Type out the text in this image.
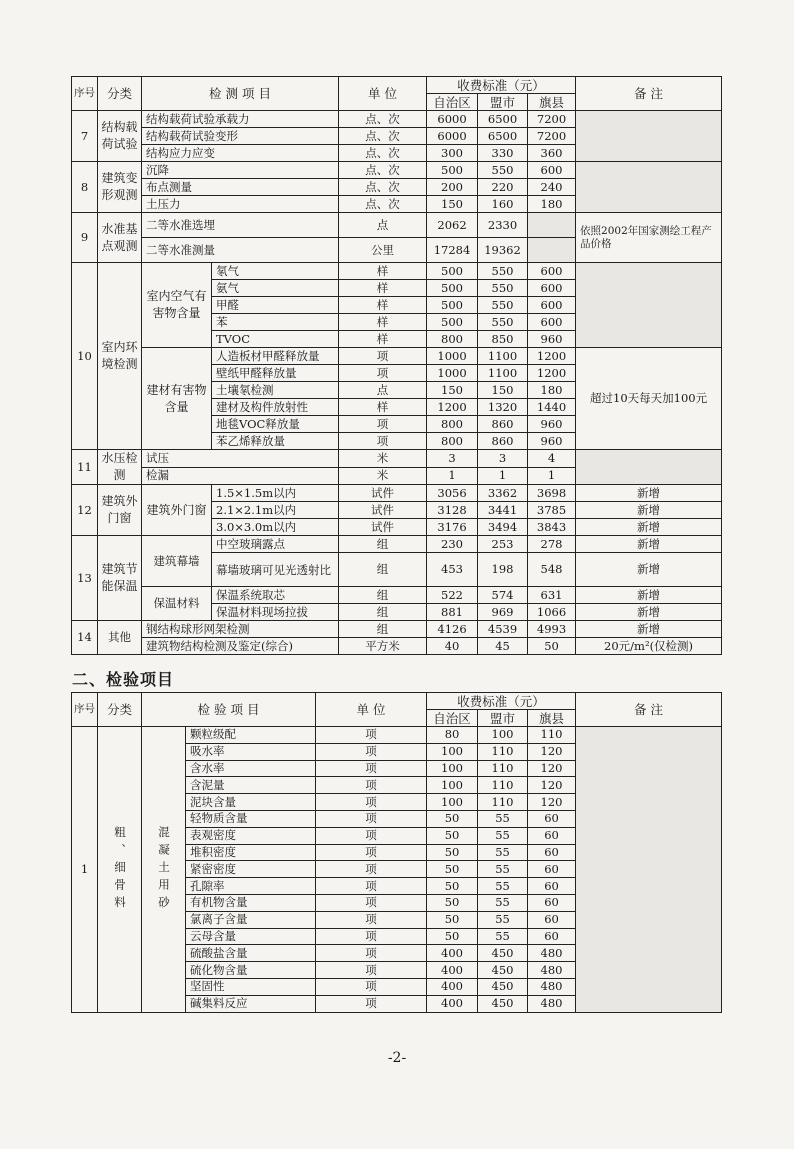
序号	分类	检 测 项 目		单 位	收费标准（元）			备 注
					自治区	盟市	旗县	
7	结构载荷试验	结构载荷试验承载力		点、次	6000	6500	7200	
		结构载荷试验变形		点、次	6000	6500	7200	
		结构应力应变		点、次	300	330	360	
8	建筑变形观测	沉降		点、次	500	550	600	
		布点测量		点、次	200	220	240	
		土压力		点、次	150	160	180	
9	水准基点观测	二等水准选埋		点	2062	2330		依照2002年国家测绘工程产品价格
		二等水准测量		公里	17284	19362		
10	室内环境检测	室内空气有害物含量	氡气	样	500	550	600	
			氨气	样	500	550	600	
			甲醛	样	500	550	600	
			苯	样	500	550	600	
			TVOC	样	800	850	960	
		建材有害物含量	人造板材甲醛释放量	项	1000	1100	1200	超过10天每天加100元
			壁纸甲醛释放量	项	1000	1100	1200	
			土壤氡检测	点	150	150	180	
			建材及构件放射性	样	1200	1320	1440	
			地毯VOC释放量	项	800	860	960	
			苯乙烯释放量	项	800	860	960	
11	水压检测	试压		米	3	3	4	
		检漏		米	1	1	1	
12	建筑外门窗	建筑外门窗	1.5×1.5m以内	试件	3056	3362	3698	新增
			2.1×2.1m以内	试件	3128	3441	3785	新增
			3.0×3.0m以内	试件	3176	3494	3843	新增
13	建筑节能保温	建筑幕墙	中空玻璃露点	组	230	253	278	新增
			幕墙玻璃可见光透射比	组	453	198	548	新增
		保温材料	保温系统取芯	组	522	574	631	新增
			保温材料现场拉拔	组	881	969	1066	新增
14	其他	钢结构球形网架检测		组	4126	4539	4993	新增
		建筑物结构检测及鉴定(综合)		平方米	40	45	50	20元/m²(仅检测)
二、检验项目
序号	分类	检 验 项 目		单 位	收费标准（元）			备 注
					自治区	盟市	旗县	
1	粗、细骨料	混凝土用砂	颗粒级配	项	80	100	110	
			吸水率	项	100	110	120	
			含水率	项	100	110	120	
			含泥量	项	100	110	120	
			泥块含量	项	100	110	120	
			轻物质含量	项	50	55	60	
			表观密度	项	50	55	60	
			堆积密度	项	50	55	60	
			紧密密度	项	50	55	60	
			孔隙率	项	50	55	60	
			有机物含量	项	50	55	60	
			氯离子含量	项	50	55	60	
			云母含量	项	50	55	60	
			硫酸盐含量	项	400	450	480	
			硫化物含量	项	400	450	480	
			坚固性	项	400	450	480	
			碱集料反应	项	400	450	480	
-2-
